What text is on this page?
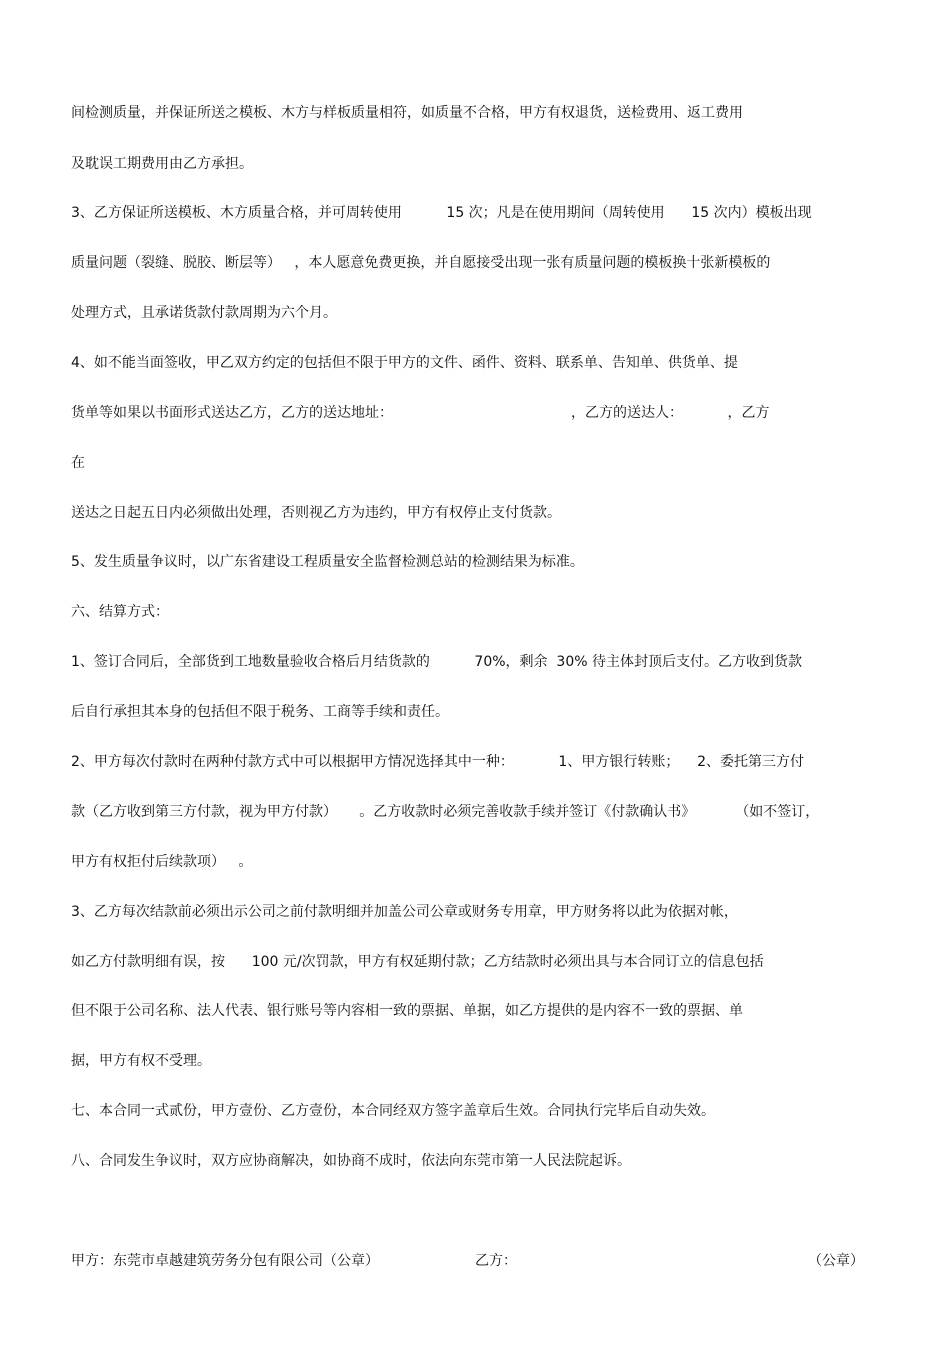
间检测质量，并保证所送之模板、木方与样板质量相符，如质量不合格，甲方有权退货，送检费用、返工费用
及耽误工期费用由乙方承担。
3、乙方保证所送模板、木方质量合格，并可周转使用          15 次；凡是在使用期间（周转使用      15 次内）模板出现
质量问题（裂缝、脱胶、断层等）   ，本人愿意免费更换，并自愿接受出现一张有质量问题的模板换十张新模板的
处理方式，且承诺货款付款周期为六个月。
4、如不能当面签收，甲乙双方约定的包括但不限于甲方的文件、函件、资料、联系单、告知单、供货单、提
货单等如果以书面形式送达乙方，乙方的送达地址：                                        ，乙方的送达人：          ，乙方
在
送达之日起五日内必须做出处理，否则视乙方为违约，甲方有权停止支付货款。
5、发生质量争议时，以广东省建设工程质量安全监督检测总站的检测结果为标准。
六、结算方式：
1、签订合同后，全部货到工地数量验收合格后月结货款的          70%，剩余  30% 待主体封顶后支付。乙方收到货款
后自行承担其本身的包括但不限于税务、工商等手续和责任。
2、甲方每次付款时在两种付款方式中可以根据甲方情况选择其中一种：          1、甲方银行转账；    2、委托第三方付
款（乙方收到第三方付款，视为甲方付款）     。乙方收款时必须完善收款手续并签订《付款确认书》         （如不签订，
甲方有权拒付后续款项）   。
3、乙方每次结款前必须出示公司之前付款明细并加盖公司公章或财务专用章，甲方财务将以此为依据对帐，
如乙方付款明细有误，按      100 元/次罚款，甲方有权延期付款；乙方结款时必须出具与本合同订立的信息包括
但不限于公司名称、法人代表、银行账号等内容相一致的票据、单据，如乙方提供的是内容不一致的票据、单
据，甲方有权不受理。
七、本合同一式贰份，甲方壹份、乙方壹份，本合同经双方签字盖章后生效。合同执行完毕后自动失效。
八、合同发生争议时，双方应协商解决，如协商不成时，依法向东莞市第一人民法院起诉。
甲方：东莞市卓越建筑劳务分包有限公司（公章）	乙方：	（公章）
